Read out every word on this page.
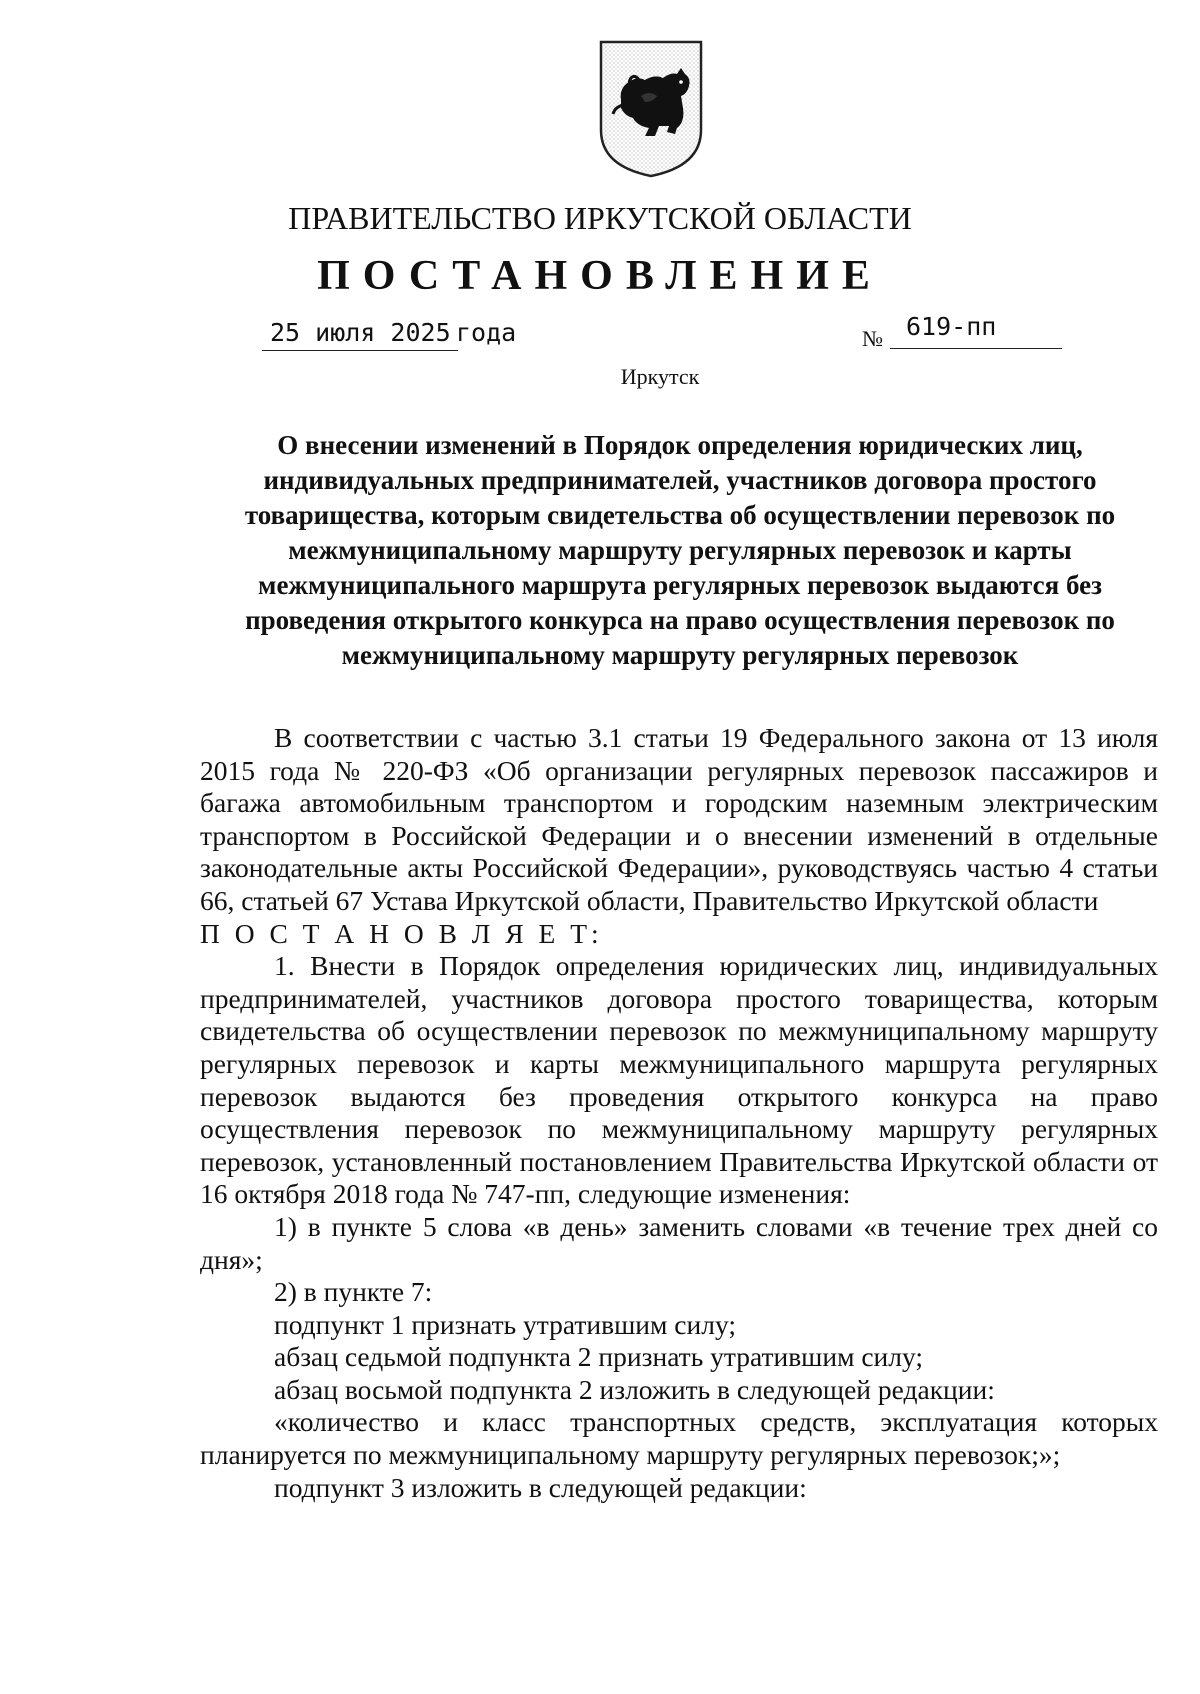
ПРАВИТЕЛЬСТВО ИРКУТСКОЙ ОБЛАСТИ
ПОСТАНОВЛЕНИЕ
25 июля 2025 года	№ 619-пп
Иркутск
О внесении изменений в Порядок определения юридических лиц, индивидуальных предпринимателей, участников договора простого товарищества, которым свидетельства об осуществлении перевозок по межмуниципальному маршруту регулярных перевозок и карты межмуниципального маршрута регулярных перевозок выдаются без проведения открытого конкурса на право осуществления перевозок по межмуниципальному маршруту регулярных перевозок

В соответствии с частью 3.1 статьи 19 Федерального закона от 13 июля 2015 года № 220-ФЗ «Об организации регулярных перевозок пассажиров и багажа автомобильным транспортом и городским наземным электрическим транспортом в Российской Федерации и о внесении изменений в отдельные законодательные акты Российской Федерации», руководствуясь частью 4 статьи 66, статьей 67 Устава Иркутской области, Правительство Иркутской области

П О С Т А Н О В Л Я Е Т:

1. Внести в Порядок определения юридических лиц, индивидуальных предпринимателей, участников договора простого товарищества, которым свидетельства об осуществлении перевозок по межмуниципальному маршруту регулярных перевозок и карты межмуниципального маршрута регулярных перевозок выдаются без проведения открытого конкурса на право осуществления перевозок по межмуниципальному маршруту регулярных перевозок, установленный постановлением Правительства Иркутской области от 16 октября 2018 года № 747-пп, следующие изменения:

1) в пункте 5 слова «в день» заменить словами «в течение трех дней со дня»;

2) в пункте 7:

подпункт 1 признать утратившим силу;

абзац седьмой подпункта 2 признать утратившим силу;

абзац восьмой подпункта 2 изложить в следующей редакции:

«количество и класс транспортных средств, эксплуатация которых планируется по межмуниципальному маршруту регулярных перевозок;»;

подпункт 3 изложить в следующей редакции:
